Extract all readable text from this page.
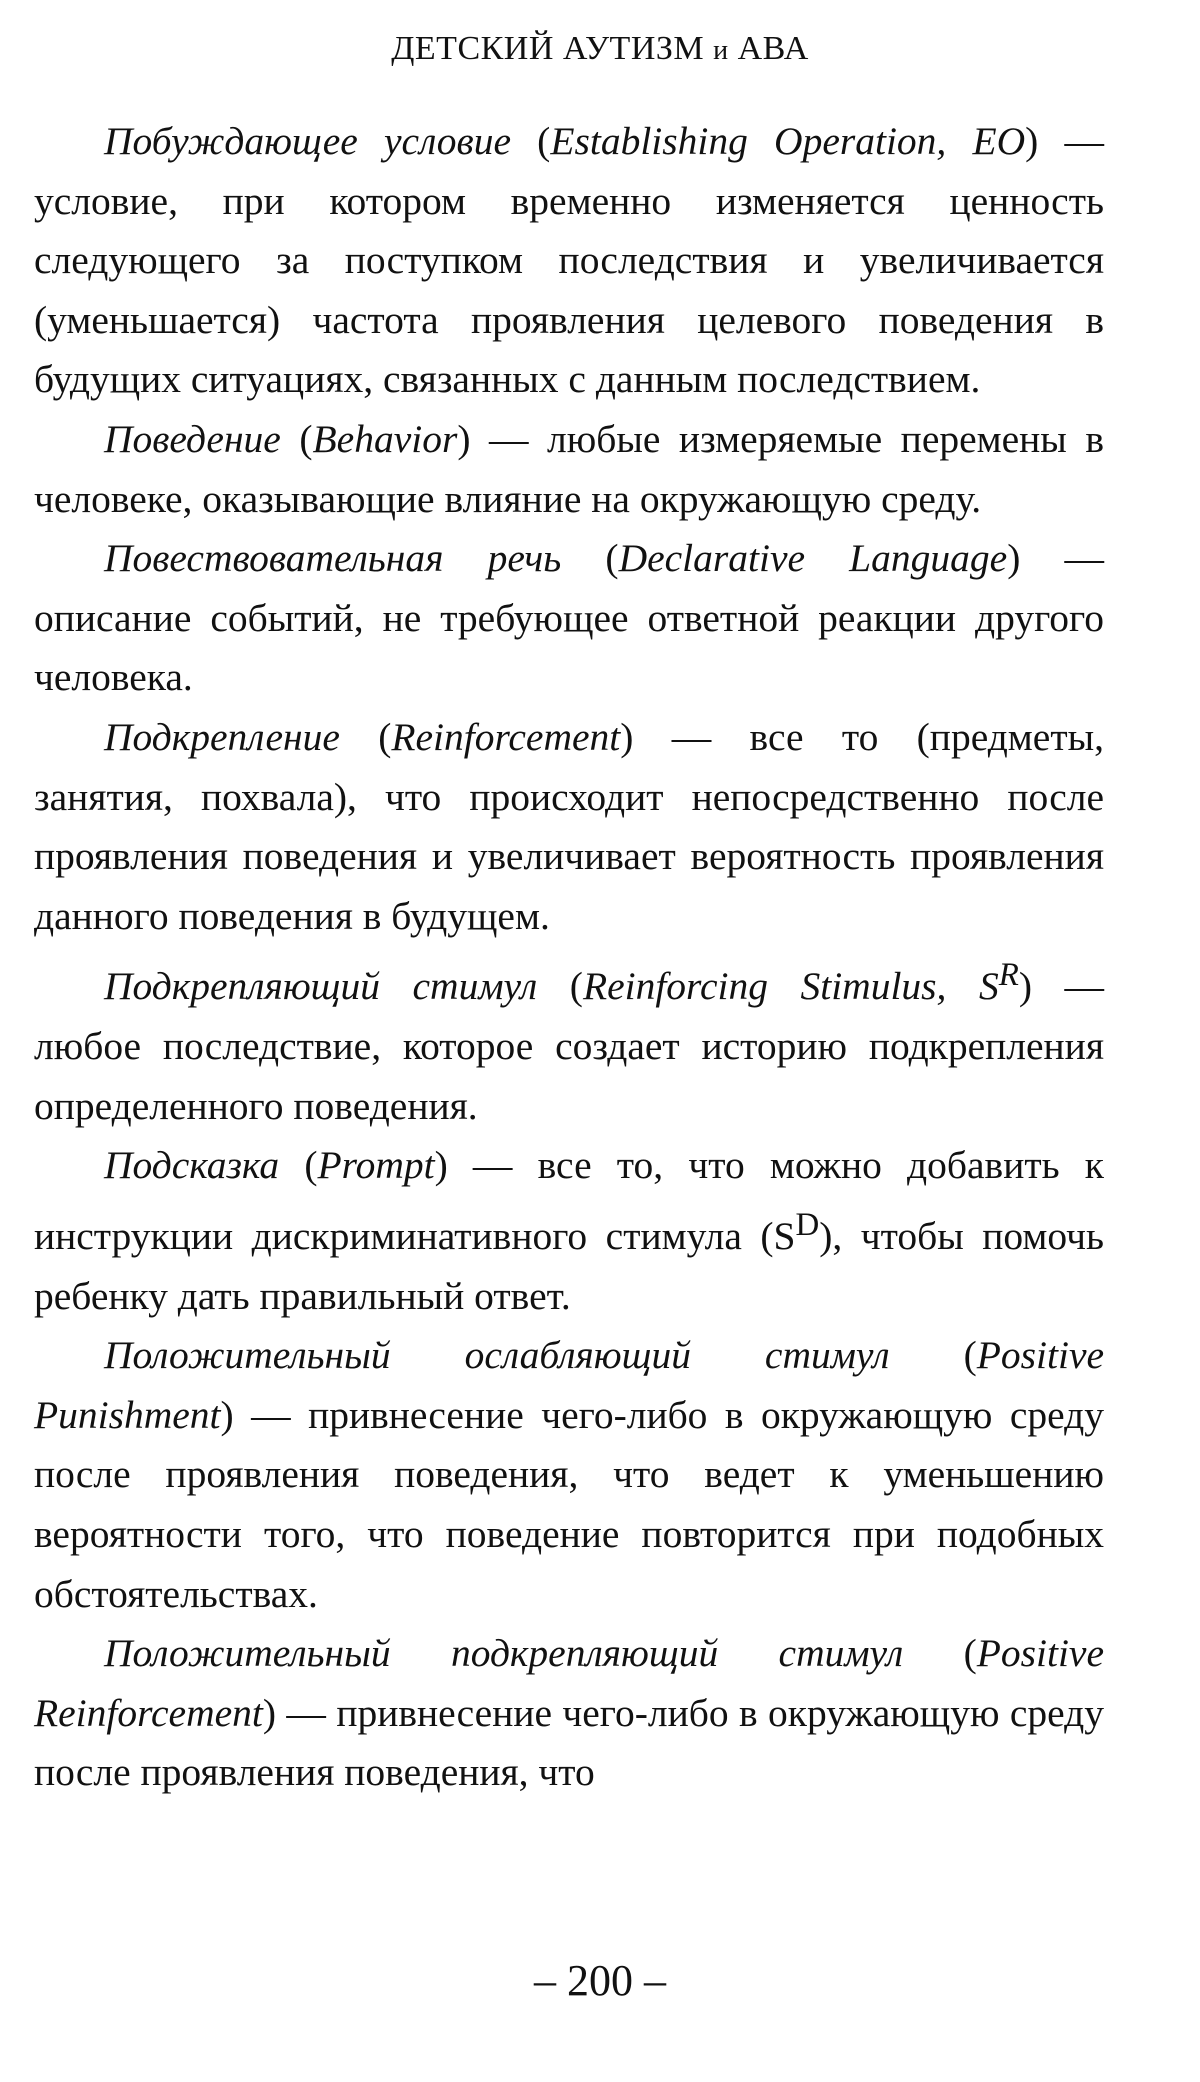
ДЕТСКИЙ АУТИЗМ и АВА

Побуждающее условие (Establishing Operation, EO) — условие, при котором временно изменяется ценность следующего за поступком последствия и увеличивается (уменьшается) частота проявления целевого поведения в будущих ситуациях, связанных с данным последствием.

Поведение (Behavior) — любые измеряемые перемены в человеке, оказывающие влияние на окружающую среду.

Повествовательная речь (Declarative Language) — описание событий, не требующее ответной реакции другого человека.

Подкрепление (Reinforcement) — все то (предметы, занятия, похвала), что происходит непосредственно после проявления поведения и увеличивает вероятность проявления данного поведения в будущем.

Подкрепляющий стимул (Reinforcing Stimulus, $S^R$) — любое последствие, которое создает историю подкрепления определенного поведения.

Подсказка (Prompt) — все то, что можно добавить к инструкции дискриминативного стимула $(S^D)$, чтобы помочь ребенку дать правильный ответ.

Положительный ослабляющий стимул (Positive Punishment) — привнесение чего-либо в окружающую среду после проявления поведения, что ведет к уменьшению вероятности того, что поведение повторится при подобных обстоятельствах.

Положительный подкрепляющий стимул (Positive Reinforcement) — привнесение чего-либо в окружающую среду после проявления поведения, что

– 200 –
